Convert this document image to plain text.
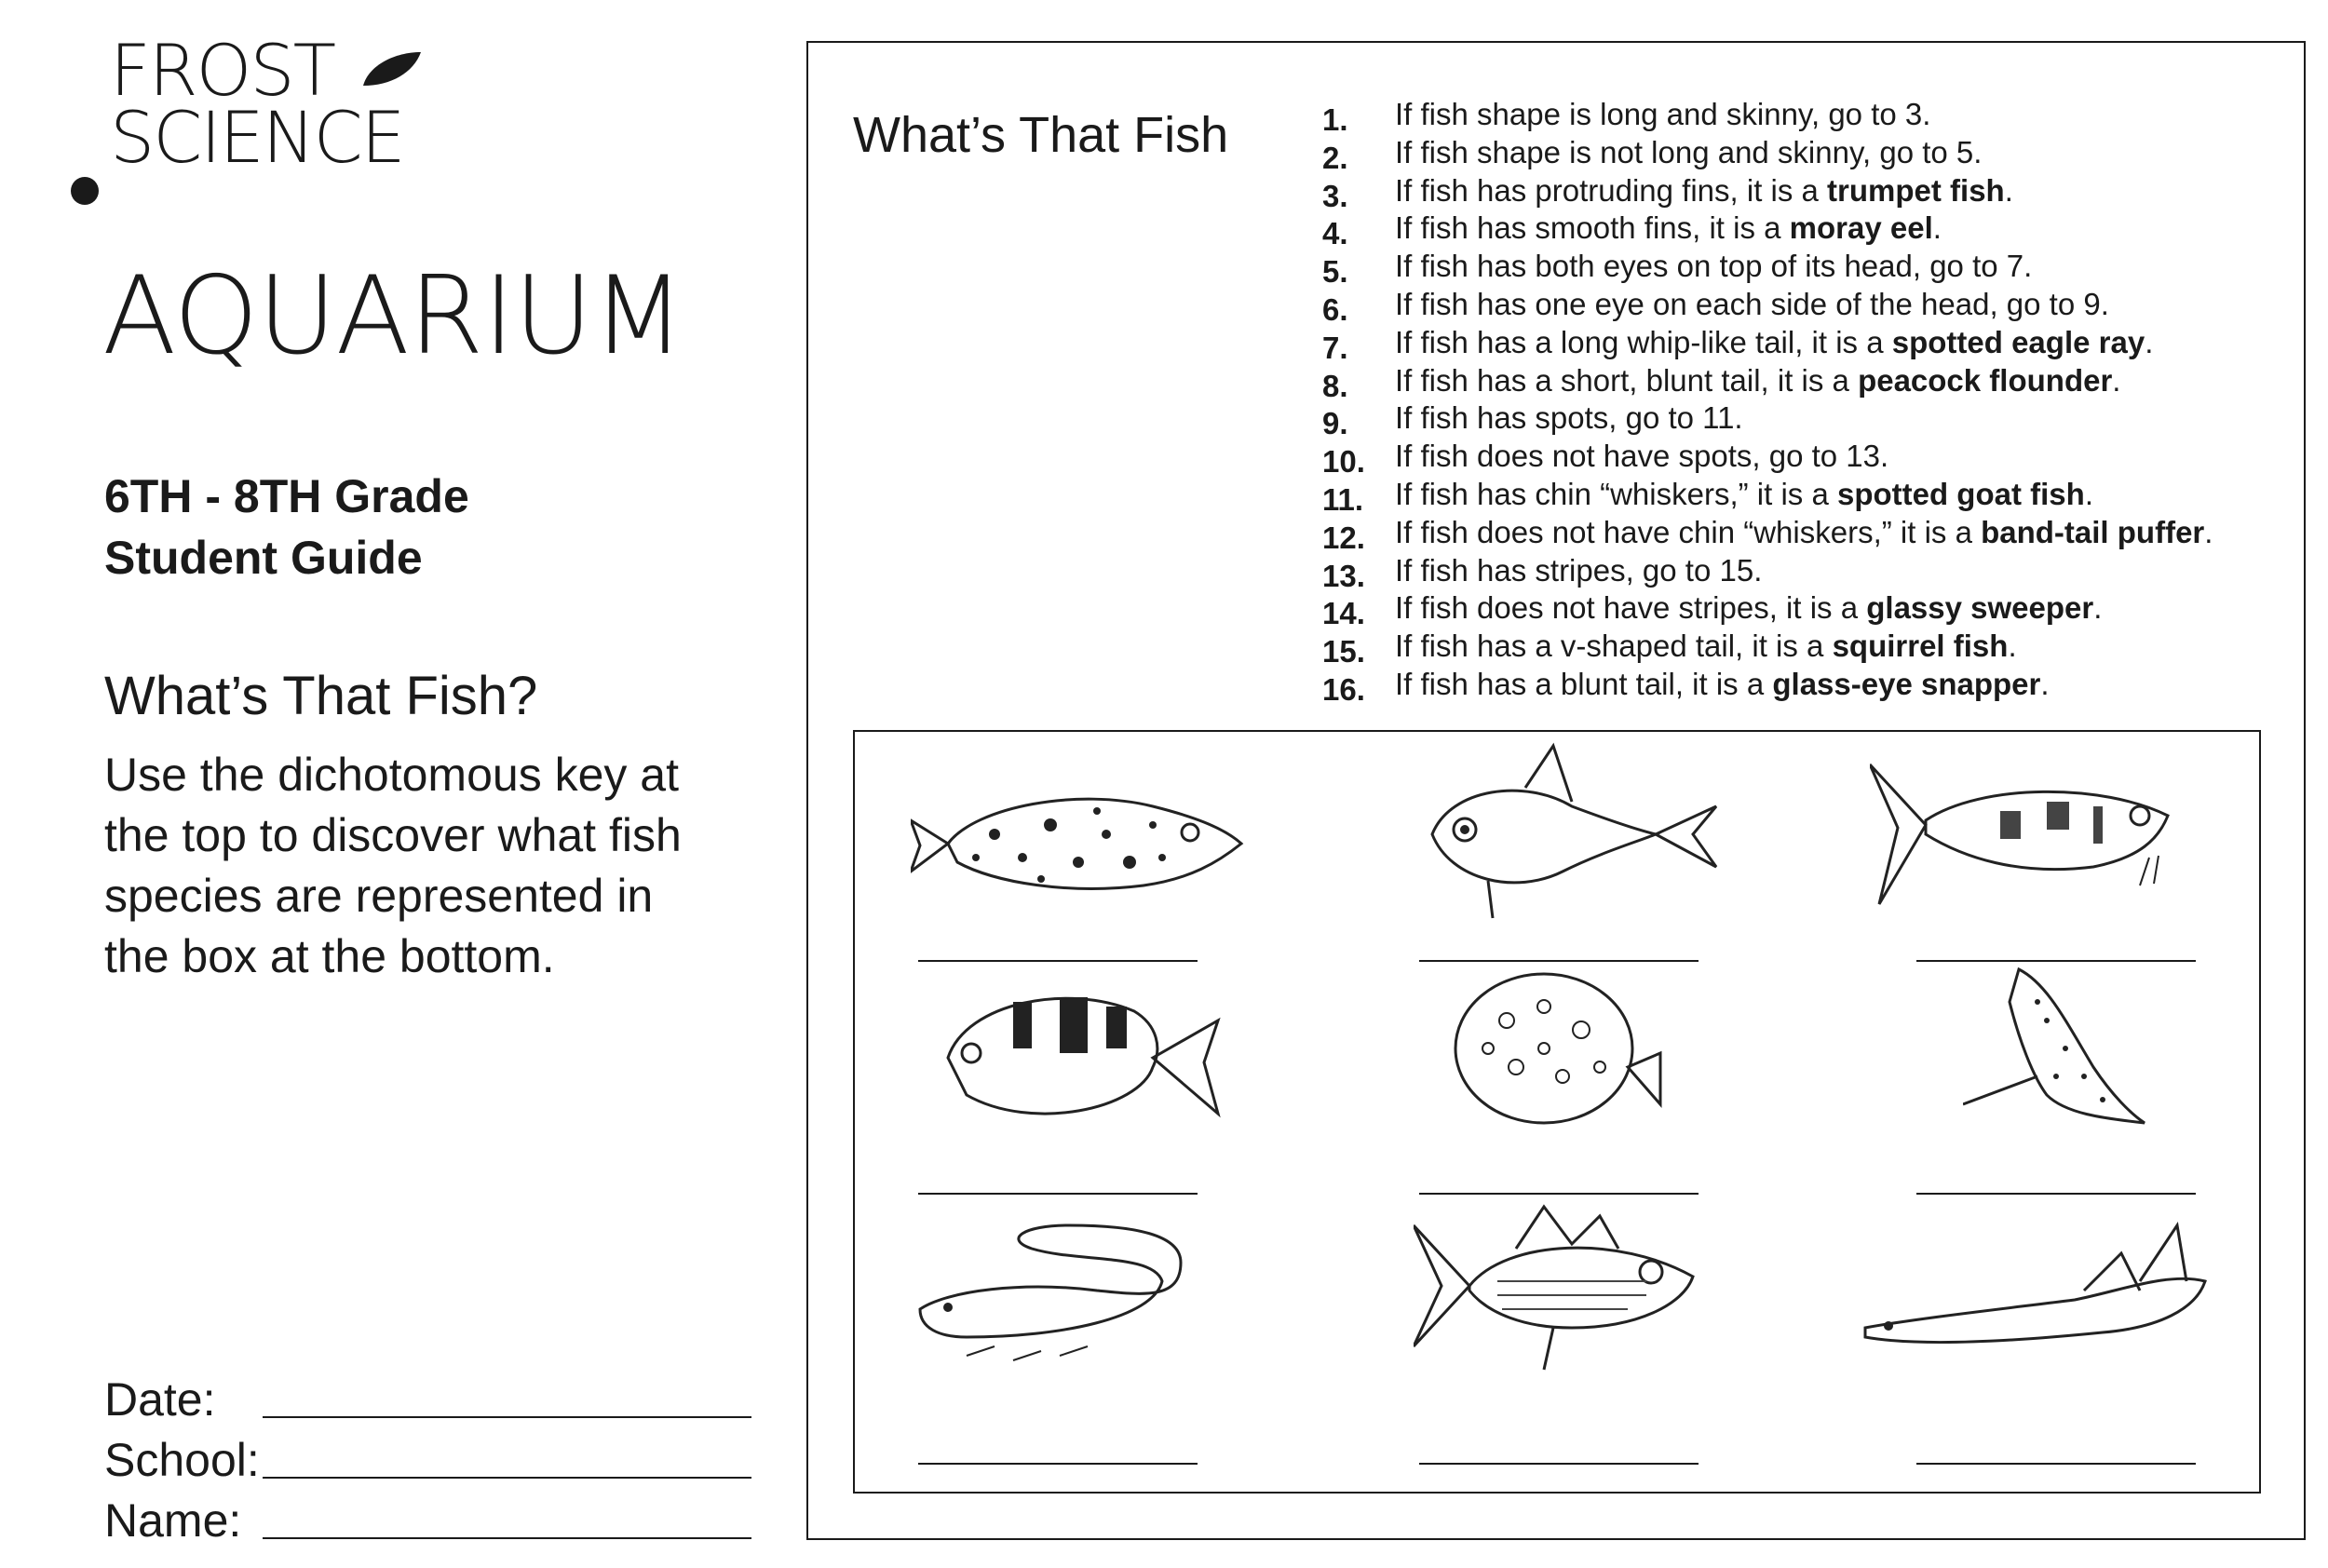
FROST
SCIENCE
AQUARIUM
6TH - 8TH Grade
Student Guide
What’s That Fish?
Use the dichotomous key at the top to discover what fish species are represented in the box at the bottom.
Date:
School:
Name:
What’s That Fish	1.	If fish shape is long and skinny, go to 3.
2.	If fish shape is not long and skinny, go to 5.
3.	If fish has protruding fins, it is a trumpet fish.
4.	If fish has smooth fins, it is a moray eel.
5.	If fish has both eyes on top of its head, go to 7.
6.	If fish has one eye on each side of the head, go to 9.
7.	If fish has a long whip-like tail, it is a spotted eagle ray.
8.	If fish has a short, blunt tail, it is a peacock flounder.
9.	If fish has spots, go to 11.
10. If fish does not have spots, go to 13.
11.	If fish has chin “whiskers,” it is a spotted goat fish.
12. If fish does not have chin “whiskers,” it is a band-tail puffer.
13. If fish has stripes, go to 15.
14. If fish does not have stripes, it is a glassy sweeper.
15. If fish has a v-shaped tail, it is a squirrel fish.
16. If fish has a blunt tail, it is a glass-eye snapper.
